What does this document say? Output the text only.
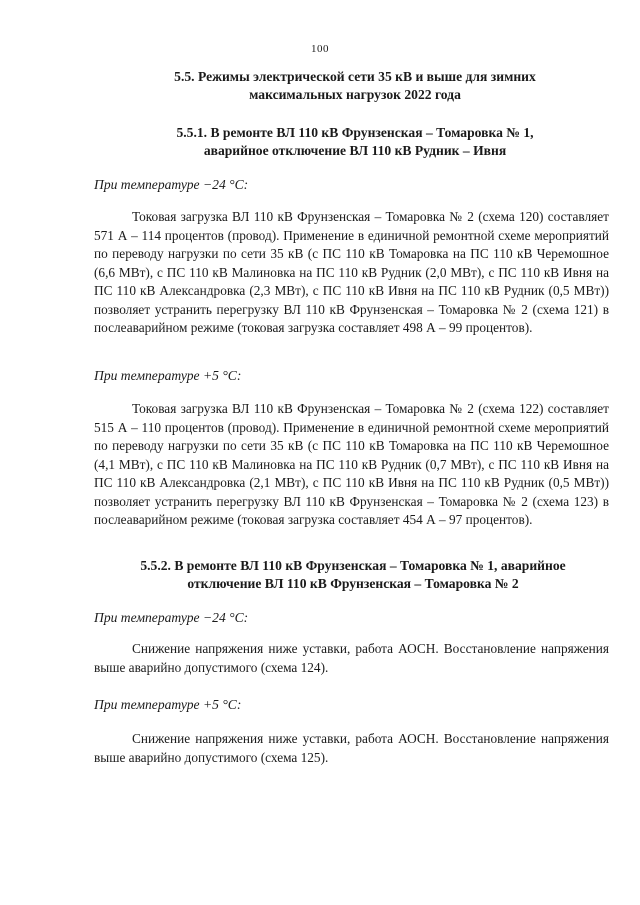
100
5.5. Режимы электрической сети 35 кВ и выше для зимних
максимальных нагрузок 2022 года
5.5.1. В ремонте ВЛ 110 кВ Фрунзенская – Томаровка № 1,
аварийное отключение ВЛ 110 кВ Рудник – Ивня
При температуре −24 °С:

Токовая загрузка ВЛ 110 кВ Фрунзенская – Томаровка № 2 (схема 120) составляет 571 А – 114 процентов (провод). Применение в единичной ремонтной схеме мероприятий по переводу нагрузки по сети 35 кВ (с ПС 110 кВ Томаровка на ПС 110 кВ Черемошное (6,6 МВт), с ПС 110 кВ Малиновка на ПС 110 кВ Рудник (2,0 МВт), с ПС 110 кВ Ивня на ПС 110 кВ Александровка (2,3 МВт), с ПС 110 кВ Ивня на ПС 110 кВ Рудник (0,5 МВт)) позволяет устранить перегрузку ВЛ 110 кВ Фрунзенская – Томаровка № 2 (схема 121) в послеаварийном режиме (токовая загрузка составляет 498 А – 99 процентов).

При температуре +5 °С:

Токовая загрузка ВЛ 110 кВ Фрунзенская – Томаровка № 2 (схема 122) составляет 515 А – 110 процентов (провод). Применение в единичной ремонтной схеме мероприятий по переводу нагрузки по сети 35 кВ (с ПС 110 кВ Томаровка на ПС 110 кВ Черемошное (4,1 МВт), с ПС 110 кВ Малиновка на ПС 110 кВ Рудник (0,7 МВт), с ПС 110 кВ Ивня на ПС 110 кВ Александровка (2,1 МВт), с ПС 110 кВ Ивня на ПС 110 кВ Рудник (0,5 МВт)) позволяет устранить перегрузку ВЛ 110 кВ Фрунзенская – Томаровка № 2 (схема 123) в послеаварийном режиме (токовая загрузка составляет 454 А – 97 процентов).

5.5.2. В ремонте ВЛ 110 кВ Фрунзенская – Томаровка № 1, аварийное
отключение ВЛ 110 кВ Фрунзенская – Томаровка № 2
При температуре −24 °С:

Снижение напряжения ниже уставки, работа АОСН. Восстановление напряжения выше аварийно допустимого (схема 124).

При температуре +5 °С:

Снижение напряжения ниже уставки, работа АОСН. Восстановление напряжения выше аварийно допустимого (схема 125).
